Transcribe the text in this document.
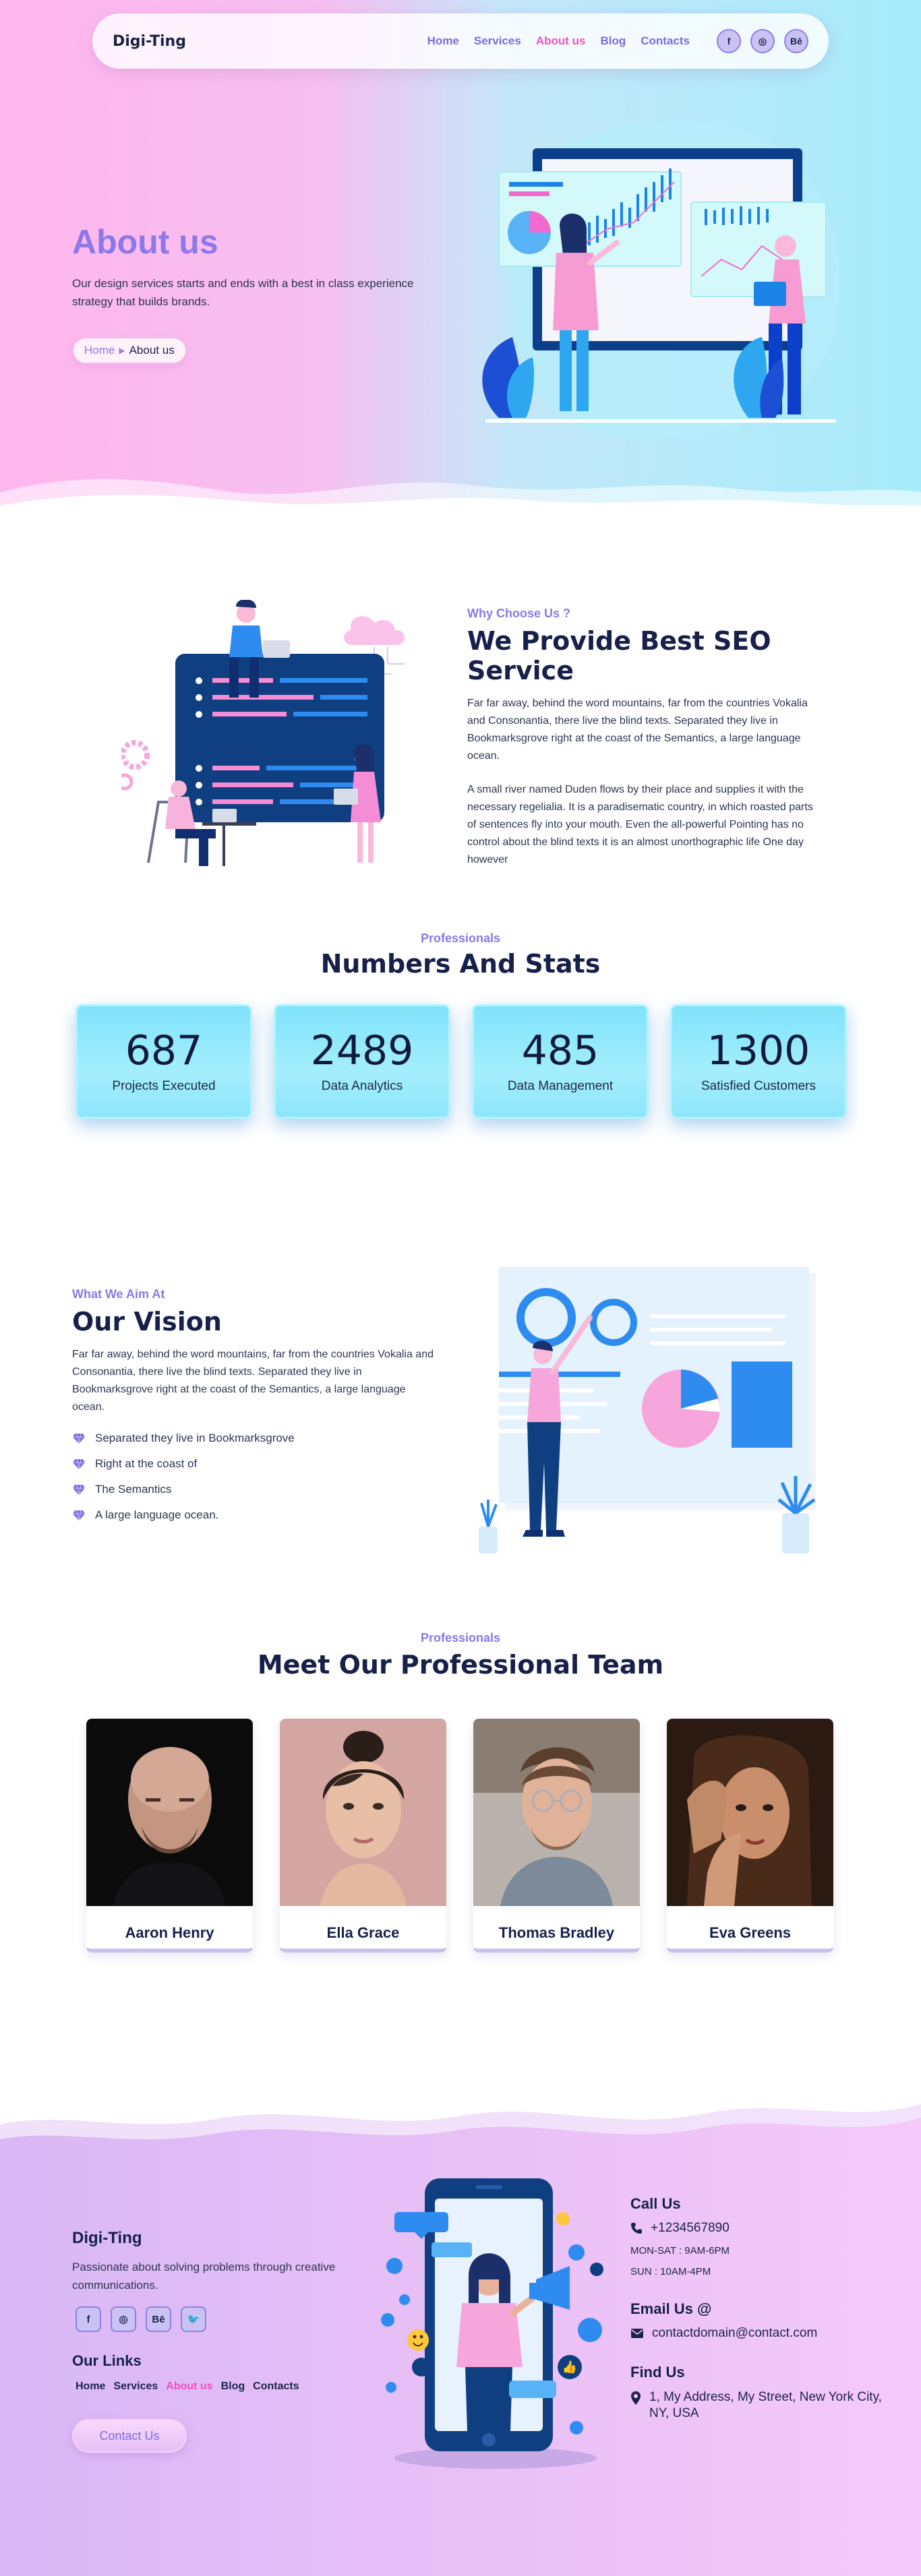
Digi-Ting	Home Services About us Blog Contacts	f	◎	Bē
About us

Our design services starts and ends with a best in class experience strategy that builds brands.

Home ▶ About us
Why Choose Us ?
We Provide Best SEO Service

Far far away, behind the word mountains, far from the countries Vokalia and Consonantia, there live the blind texts. Separated they live in Bookmarksgrove right at the coast of the Semantics, a large language ocean.

A small river named Duden flows by their place and supplies it with the necessary regelialia. It is a paradisematic country, in which roasted parts of sentences fly into your mouth. Even the all-powerful Pointing has no control about the blind texts it is an almost unorthographic life One day however

Professionals
Numbers And Stats
687
Projects Executed
2489
Data Analytics
485
Data Management
1300
Satisfied Customers
What We Aim At
Our Vision

Far far away, behind the word mountains, far from the countries Vokalia and Consonantia, there live the blind texts. Separated they live in Bookmarksgrove right at the coast of the Semantics, a large language ocean.

Separated they live in Bookmarksgrove
Right at the coast of
The Semantics
A large language ocean.
Professionals
Meet Our Professional Team
Aaron Henry	Ella Grace	Thomas Bradley	Eva Greens
Digi-Ting

Passionate about solving problems through creative communications.

f	◎	Bē	🐦
Our Links
Home Services About us Blog Contacts
Contact Us
👍
Call Us
+1234567890
MON-SAT : 9AM-6PM
SUN : 10AM-4PM
Email Us @
contactdomain@contact.com
Find Us
1, My Address, My Street, New York City, NY, USA
